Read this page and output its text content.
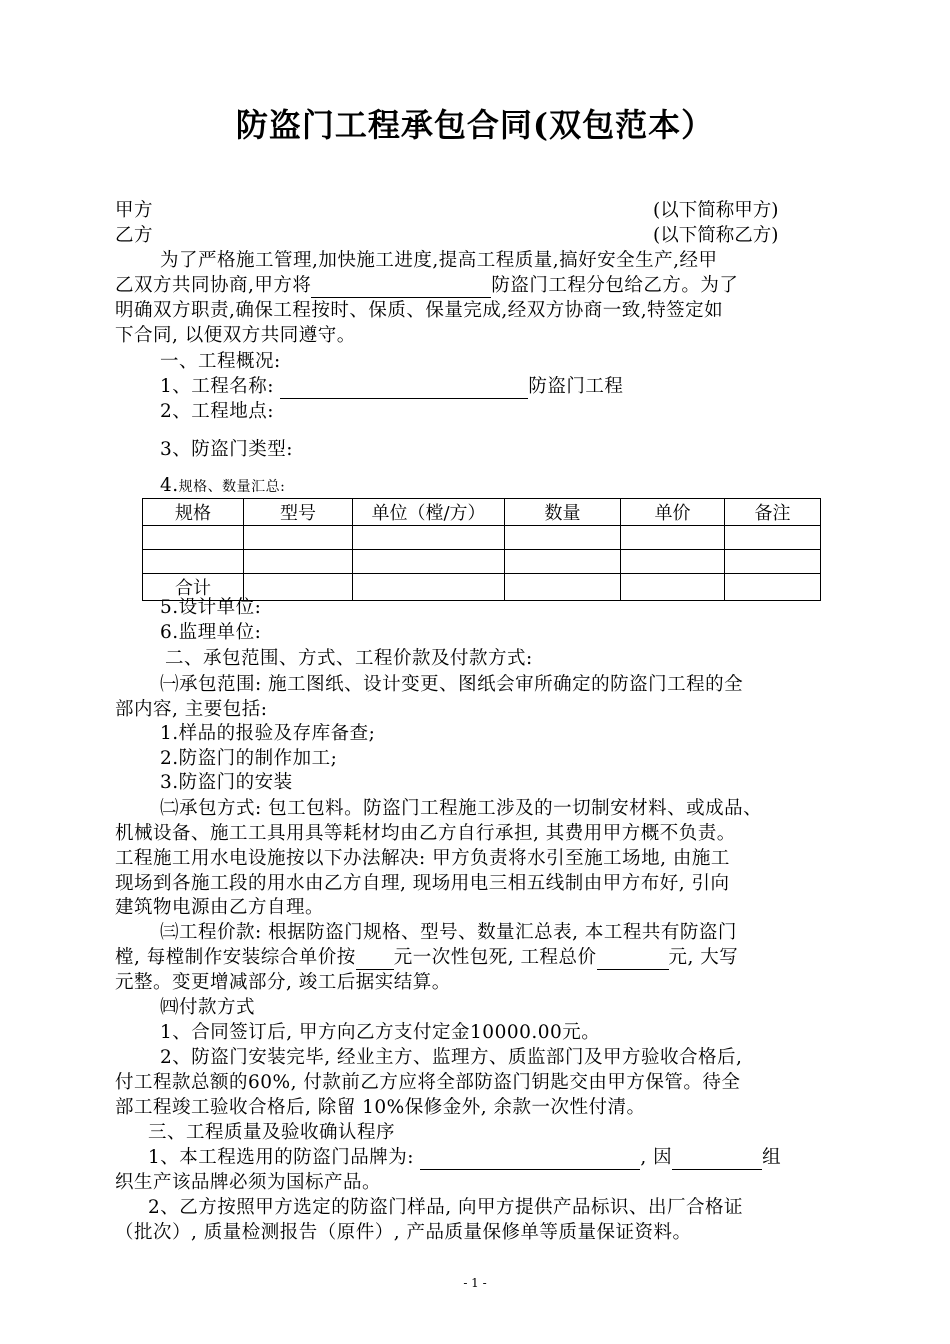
防盗门工程承包合同(双包范本）
甲方	(以下简称甲方)
乙方	(以下简称乙方)
为了严格施工管理,加快施工进度,提高工程质量,搞好安全生产,经甲
乙双方共同协商,甲方将	防盗门工程分包给乙方。为了
明确双方职责,确保工程按时、保质、保量完成,经双方协商一致,特签定如
下合同, 以便双方共同遵守。
一、工程概况:
1、工程名称:	防盗门工程
2、工程地点:
3、防盗门类型:
4.规格、数量汇总:
规格	型号	单位（樘/方）	数量	单价	备注

合计					
5.设计单位:
6.监理单位:
二、承包范围、方式、工程价款及付款方式:
㈠承包范围: 施工图纸、设计变更、图纸会审所确定的防盗门工程的全
部内容, 主要包括:
1.样品的报验及存库备查;
2.防盗门的制作加工;
3.防盗门的安装
㈡承包方式: 包工包料。防盗门工程施工涉及的一切制安材料、或成品、
机械设备、施工工具用具等耗材均由乙方自行承担, 其费用甲方概不负责。
工程施工用水电设施按以下办法解决: 甲方负责将水引至施工场地, 由施工
现场到各施工段的用水由乙方自理, 现场用电三相五线制由甲方布好, 引向
建筑物电源由乙方自理。
㈢工程价款: 根据防盗门规格、型号、数量汇总表, 本工程共有防盗门
樘, 每樘制作安装综合单价按 元一次性包死, 工程总价	元, 大写
元整。变更增减部分, 竣工后据实结算。
㈣付款方式
1、合同签订后, 甲方向乙方支付定金10000.00元。
2、防盗门安装完毕, 经业主方、监理方、质监部门及甲方验收合格后,
付工程款总额的60%, 付款前乙方应将全部防盗门钥匙交由甲方保管。待全
部工程竣工验收合格后, 除留 10%保修金外, 余款一次性付清。
三、工程质量及验收确认程序
1、本工程选用的防盗门品牌为:	, 因	组
织生产该品牌必须为国标产品。
2、乙方按照甲方选定的防盗门样品, 向甲方提供产品标识、出厂合格证
（批次）, 质量检测报告（原件）, 产品质量保修单等质量保证资料。
- 1 -
